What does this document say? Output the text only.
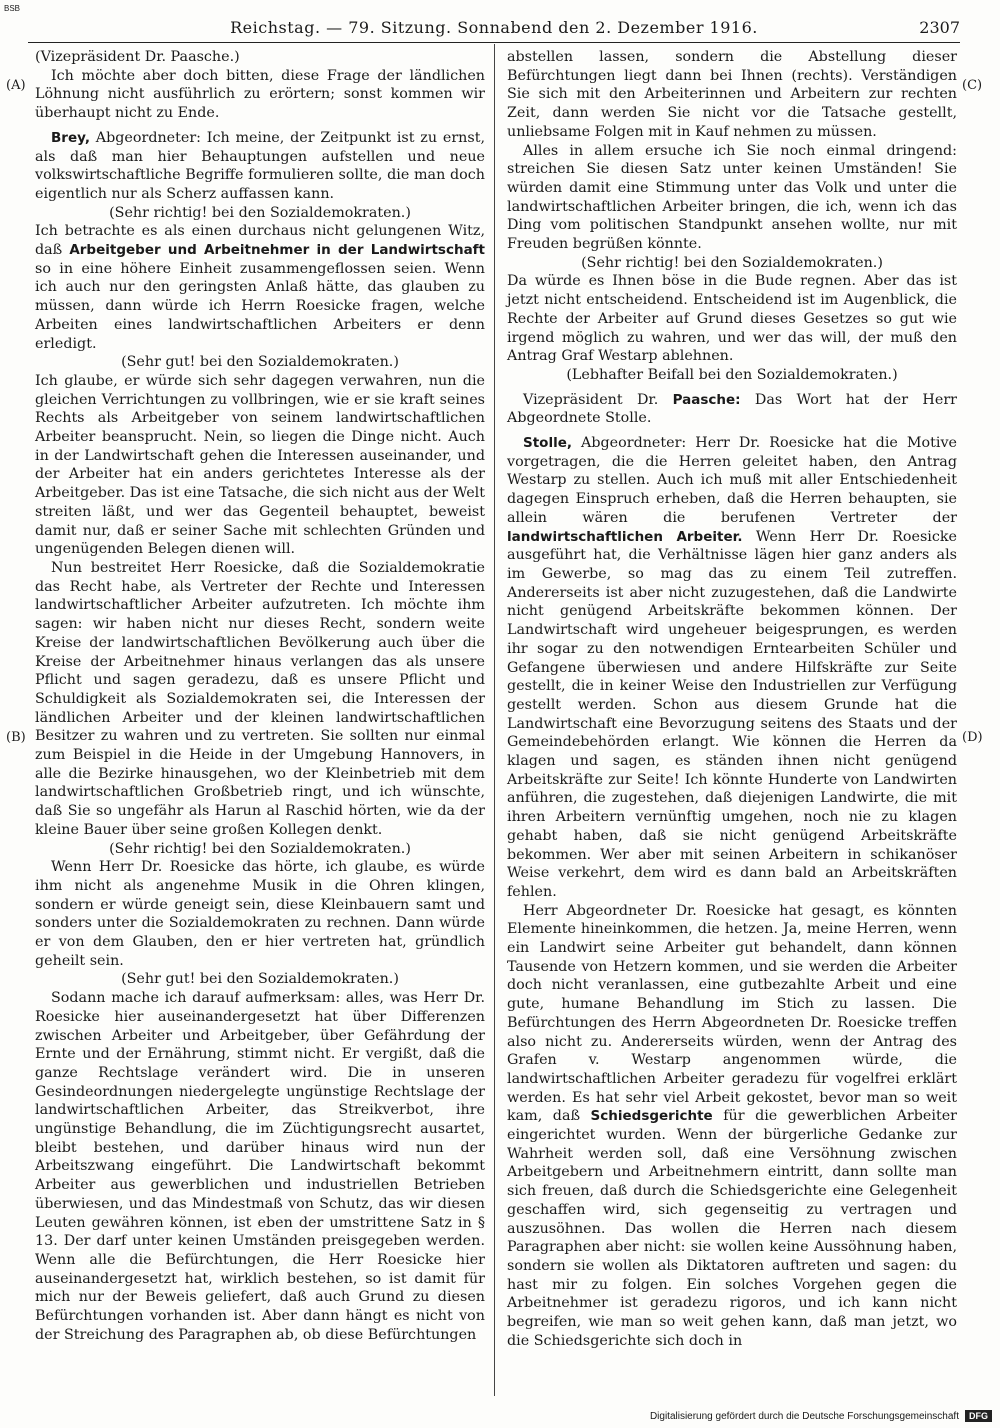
BSB
Reichstag. — 79. Sitzung. Sonnabend den 2. Dezember 1916.	2307
(A)
(B)
(C)
(D)

(Vizepräsident Dr. Paasche.)

Ich möchte aber doch bitten, diese Frage der ländlichen Löhnung nicht ausführlich zu erörtern; sonst kommen wir überhaupt nicht zu Ende.

Brey, Abgeordneter: Ich meine, der Zeitpunkt ist zu ernst, als daß man hier Behauptungen aufstellen und neue volkswirtschaftliche Begriffe formulieren sollte, die man doch eigentlich nur als Scherz auffassen kann.

(Sehr richtig! bei den Sozialdemokraten.)

Ich betrachte es als einen durchaus nicht gelungenen Witz, daß Arbeitgeber und Arbeitnehmer in der Landwirtschaft so in eine höhere Einheit zusammengeflossen seien. Wenn ich auch nur den geringsten Anlaß hätte, das glauben zu müssen, dann würde ich Herrn Roesicke fragen, welche Arbeiten eines landwirtschaftlichen Arbeiters er denn erledigt.

(Sehr gut! bei den Sozialdemokraten.)

Ich glaube, er würde sich sehr dagegen verwahren, nun die gleichen Verrichtungen zu vollbringen, wie er sie kraft seines Rechts als Arbeitgeber von seinem landwirtschaftlichen Arbeiter beansprucht. Nein, so liegen die Dinge nicht. Auch in der Landwirtschaft gehen die Interessen auseinander, und der Arbeiter hat ein anders gerichtetes Interesse als der Arbeitgeber. Das ist eine Tatsache, die sich nicht aus der Welt streiten läßt, und wer das Gegenteil behauptet, beweist damit nur, daß er seiner Sache mit schlechten Gründen und ungenügenden Belegen dienen will.

Nun bestreitet Herr Roesicke, daß die Sozialdemokratie das Recht habe, als Vertreter der Rechte und Interessen landwirtschaftlicher Arbeiter aufzutreten. Ich möchte ihm sagen: wir haben nicht nur dieses Recht, sondern weite Kreise der landwirtschaftlichen Bevölkerung auch über die Kreise der Arbeitnehmer hinaus verlangen das als unsere Pflicht und sagen geradezu, daß es unsere Pflicht und Schuldigkeit als Sozialdemokraten sei, die Interessen der ländlichen Arbeiter und der kleinen landwirtschaftlichen Besitzer zu wahren und zu vertreten. Sie sollten nur einmal zum Beispiel in die Heide in der Umgebung Hannovers, in alle die Bezirke hinausgehen, wo der Kleinbetrieb mit dem landwirtschaftlichen Großbetrieb ringt, und ich wünschte, daß Sie so ungefähr als Harun al Raschid hörten, wie da der kleine Bauer über seine großen Kollegen denkt.

(Sehr richtig! bei den Sozialdemokraten.)

Wenn Herr Dr. Roesicke das hörte, ich glaube, es würde ihm nicht als angenehme Musik in die Ohren klingen, sondern er würde geneigt sein, diese Kleinbauern samt und sonders unter die Sozialdemokraten zu rechnen. Dann würde er von dem Glauben, den er hier vertreten hat, gründlich geheilt sein.

(Sehr gut! bei den Sozialdemokraten.)

Sodann mache ich darauf aufmerksam: alles, was Herr Dr. Roesicke hier auseinandergesetzt hat über Differenzen zwischen Arbeiter und Arbeitgeber, über Gefährdung der Ernte und der Ernährung, stimmt nicht. Er vergißt, daß die ganze Rechtslage verändert wird. Die in unseren Gesindeordnungen niedergelegte ungünstige Rechtslage der landwirtschaftlichen Arbeiter, das Streikverbot, ihre ungünstige Behandlung, die im Züchtigungsrecht ausartet, bleibt bestehen, und darüber hinaus wird nun der Arbeitszwang eingeführt. Die Landwirtschaft bekommt Arbeiter aus gewerblichen und industriellen Betrieben überwiesen, und das Mindestmaß von Schutz, das wir diesen Leuten gewähren können, ist eben der umstrittene Satz in § 13. Der darf unter keinen Umständen preisgegeben werden. Wenn alle die Befürchtungen, die Herr Roesicke hier auseinandergesetzt hat, wirklich bestehen, so ist damit für mich nur der Beweis geliefert, daß auch Grund zu diesen Befürchtungen vorhanden ist. Aber dann hängt es nicht von der Streichung des Paragraphen ab, ob diese Befürchtungen

abstellen lassen, sondern die Abstellung dieser Befürchtungen liegt dann bei Ihnen (rechts). Verständigen Sie sich mit den Arbeiterinnen und Arbeitern zur rechten Zeit, dann werden Sie nicht vor die Tatsache gestellt, unliebsame Folgen mit in Kauf nehmen zu müssen.

Alles in allem ersuche ich Sie noch einmal dringend: streichen Sie diesen Satz unter keinen Umständen! Sie würden damit eine Stimmung unter das Volk und unter die landwirtschaftlichen Arbeiter bringen, die ich, wenn ich das Ding vom politischen Standpunkt ansehen wollte, nur mit Freuden begrüßen könnte.

(Sehr richtig! bei den Sozialdemokraten.)

Da würde es Ihnen böse in die Bude regnen. Aber das ist jetzt nicht entscheidend. Entscheidend ist im Augenblick, die Rechte der Arbeiter auf Grund dieses Gesetzes so gut wie irgend möglich zu wahren, und wer das will, der muß den Antrag Graf Westarp ablehnen.

(Lebhafter Beifall bei den Sozialdemokraten.)

Vizepräsident Dr. Paasche: Das Wort hat der Herr Abgeordnete Stolle.

Stolle, Abgeordneter: Herr Dr. Roesicke hat die Motive vorgetragen, die die Herren geleitet haben, den Antrag Westarp zu stellen. Auch ich muß mit aller Entschiedenheit dagegen Einspruch erheben, daß die Herren behaupten, sie allein wären die berufenen Vertreter der landwirtschaftlichen Arbeiter. Wenn Herr Dr. Roesicke ausgeführt hat, die Verhältnisse lägen hier ganz anders als im Gewerbe, so mag das zu einem Teil zutreffen. Andererseits ist aber nicht zuzugestehen, daß die Landwirte nicht genügend Arbeitskräfte bekommen können. Der Landwirtschaft wird ungeheuer beigesprungen, es werden ihr sogar zu den notwendigen Erntearbeiten Schüler und Gefangene überwiesen und andere Hilfskräfte zur Seite gestellt, die in keiner Weise den Industriellen zur Verfügung gestellt werden. Schon aus diesem Grunde hat die Landwirtschaft eine Bevorzugung seitens des Staats und der Gemeindebehörden erlangt. Wie können die Herren da klagen und sagen, es ständen ihnen nicht genügend Arbeitskräfte zur Seite! Ich könnte Hunderte von Landwirten anführen, die zugestehen, daß diejenigen Landwirte, die mit ihren Arbeitern vernünftig umgehen, noch nie zu klagen gehabt haben, daß sie nicht genügend Arbeitskräfte bekommen. Wer aber mit seinen Arbeitern in schikanöser Weise verkehrt, dem wird es dann bald an Arbeitskräften fehlen.

Herr Abgeordneter Dr. Roesicke hat gesagt, es könnten Elemente hineinkommen, die hetzen. Ja, meine Herren, wenn ein Landwirt seine Arbeiter gut behandelt, dann können Tausende von Hetzern kommen, und sie werden die Arbeiter doch nicht veranlassen, eine gutbezahlte Arbeit und eine gute, humane Behandlung im Stich zu lassen. Die Befürchtungen des Herrn Abgeordneten Dr. Roesicke treffen also nicht zu. Andererseits würden, wenn der Antrag des Grafen v. Westarp angenommen würde, die landwirtschaftlichen Arbeiter geradezu für vogelfrei erklärt werden. Es hat sehr viel Arbeit gekostet, bevor man so weit kam, daß Schiedsgerichte für die gewerblichen Arbeiter eingerichtet wurden. Wenn der bürgerliche Gedanke zur Wahrheit werden soll, daß eine Versöhnung zwischen Arbeitgebern und Arbeitnehmern eintritt, dann sollte man sich freuen, daß durch die Schiedsgerichte eine Gelegenheit geschaffen wird, sich gegenseitig zu vertragen und auszusöhnen. Das wollen die Herren nach diesem Paragraphen aber nicht: sie wollen keine Aussöhnung haben, sondern sie wollen als Diktatoren auftreten und sagen: du hast mir zu folgen. Ein solches Vorgehen gegen die Arbeitnehmer ist geradezu rigoros, und ich kann nicht begreifen, wie man so weit gehen kann, daß man jetzt, wo die Schiedsgerichte sich doch in

Digitalisierung gefördert durch die Deutsche Forschungsgemeinschaft	DFG
